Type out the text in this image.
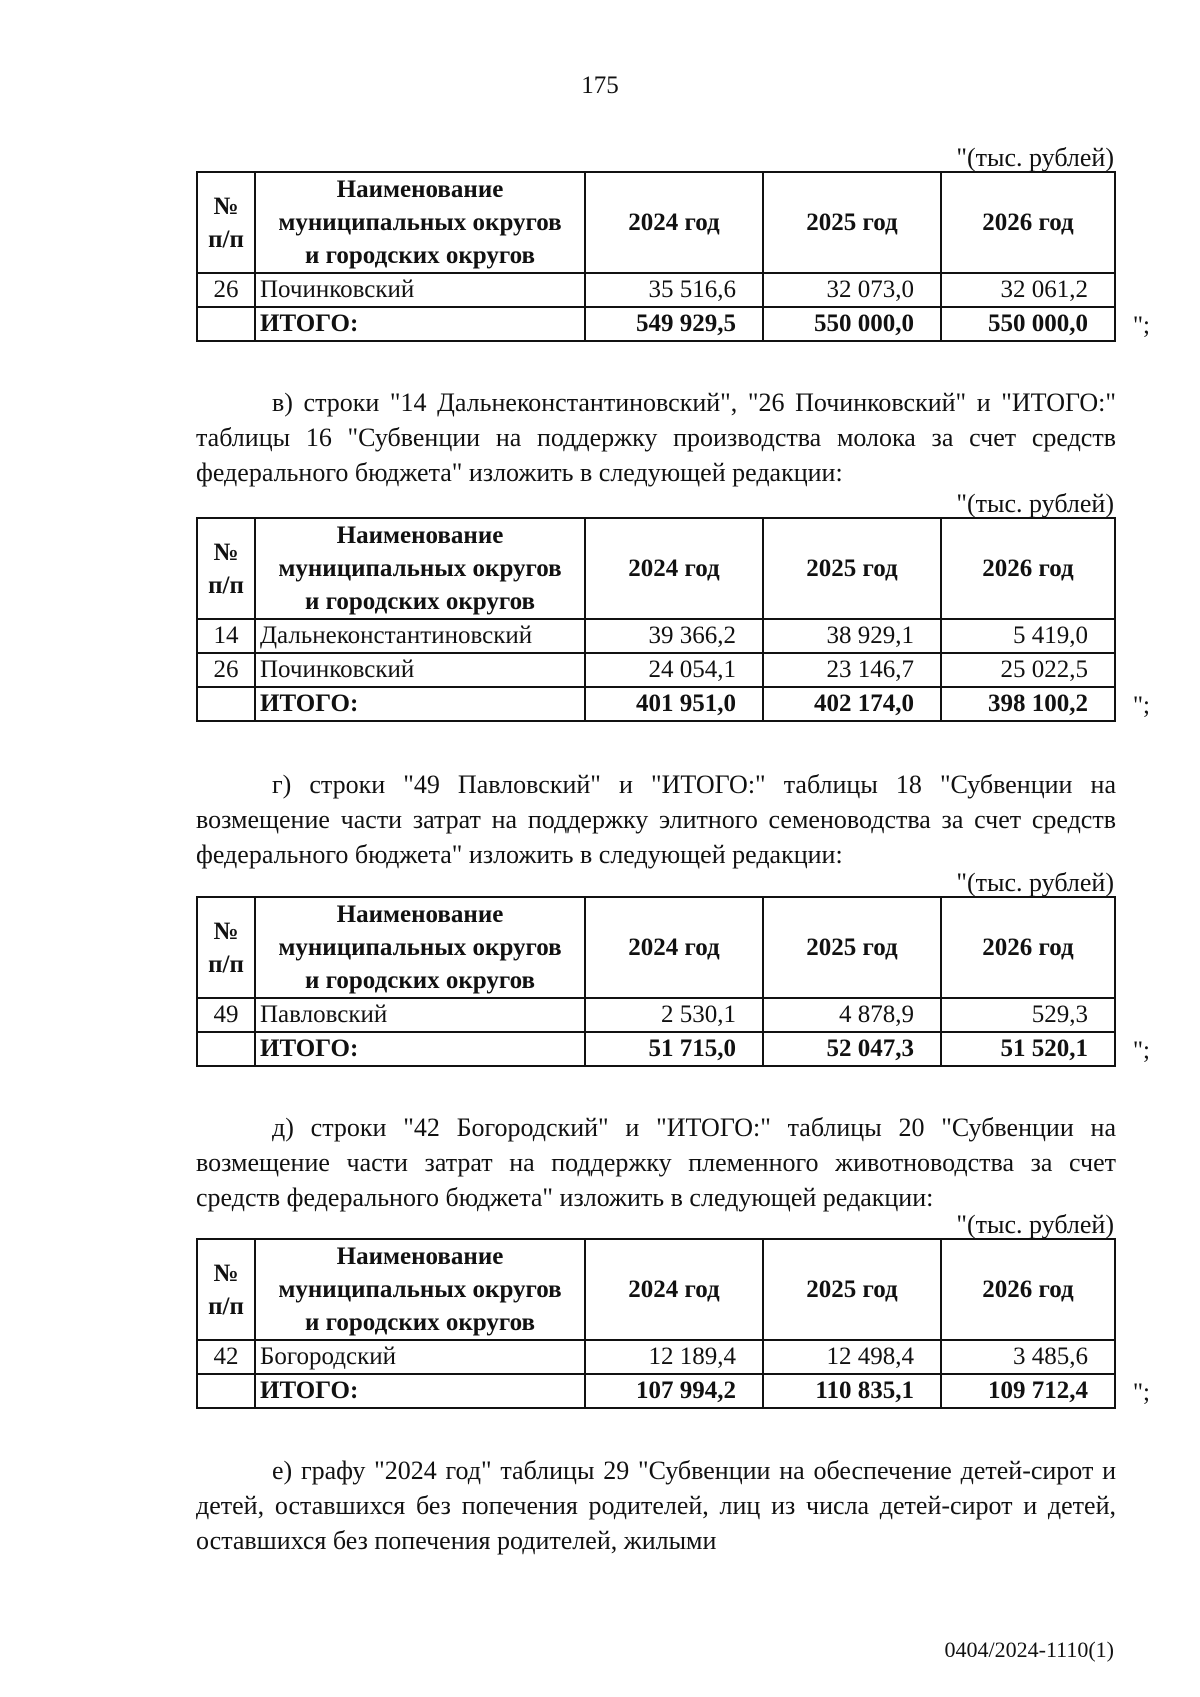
175
"(тыс. рублей)
№ п/п	Наименование
муниципальных округов
и городских округов	2024 год	2025 год	2026 год
26	Починковский	35 516,6	32 073,0	32 061,2
	ИТОГО:	549 929,5	550 000,0	550 000,0 ";
в) строки "14 Дальнеконстантиновский", "26 Починковский" и "ИТОГО:" таблицы 16 "Субвенции на поддержку производства молока за счет средств федерального бюджета" изложить в следующей редакции:
"(тыс. рублей)
№ п/п	Наименование
муниципальных округов
и городских округов	2024 год	2025 год	2026 год
14	Дальнеконстантиновский	39 366,2	38 929,1	5 419,0
26	Починковский	24 054,1	23 146,7	25 022,5
	ИТОГО:	401 951,0	402 174,0	398 100,2 ";
г) строки "49 Павловский" и "ИТОГО:" таблицы 18 "Субвенции на возмещение части затрат на поддержку элитного семеноводства за счет средств федерального бюджета" изложить в следующей редакции:
"(тыс. рублей)
№ п/п	Наименование
муниципальных округов
и городских округов	2024 год	2025 год	2026 год
49	Павловский	2 530,1	4 878,9	529,3
	ИТОГО:	51 715,0	52 047,3	51 520,1 ";
д) строки "42 Богородский" и "ИТОГО:" таблицы 20 "Субвенции на возмещение части затрат на поддержку племенного животноводства за счет средств федерального бюджета" изложить в следующей редакции:
"(тыс. рублей)
№ п/п	Наименование
муниципальных округов
и городских округов	2024 год	2025 год	2026 год
42	Богородский	12 189,4	12 498,4	3 485,6
	ИТОГО:	107 994,2	110 835,1	109 712,4 ";
е) графу "2024 год" таблицы 29 "Субвенции на обеспечение детей-сирот и детей, оставшихся без попечения родителей, лиц из числа детей-сирот и детей, оставшихся без попечения родителей, жилыми
0404/2024-1110(1)
